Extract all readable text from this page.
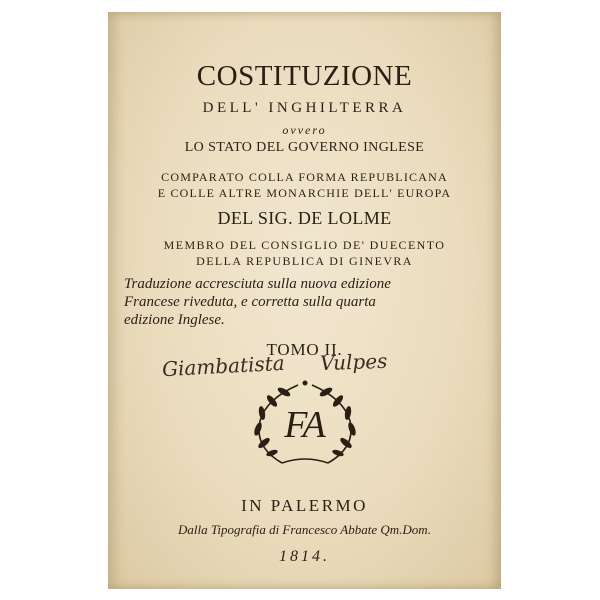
COSTITUZIONE
DELL' INGHILTERRA
ovvero
LO STATO DEL GOVERNO INGLESE
COMPARATO COLLA FORMA REPUBLICANA
E COLLE ALTRE MONARCHIE DELL' EUROPA
DEL SIG. DE LOLME
MEMBRO DEL CONSIGLIO DE' DUECENTO
DELLA REPUBLICA DI GINEVRA
Traduzione accresciuta sulla nuova edizione
Francese riveduta, e corretta sulla quarta
edizione Inglese.
TOMO II.
Giambatista Vulpes
FA
IN PALERMO
Dalla Tipografia di Francesco Abbate Qm.Dom.
1814.
